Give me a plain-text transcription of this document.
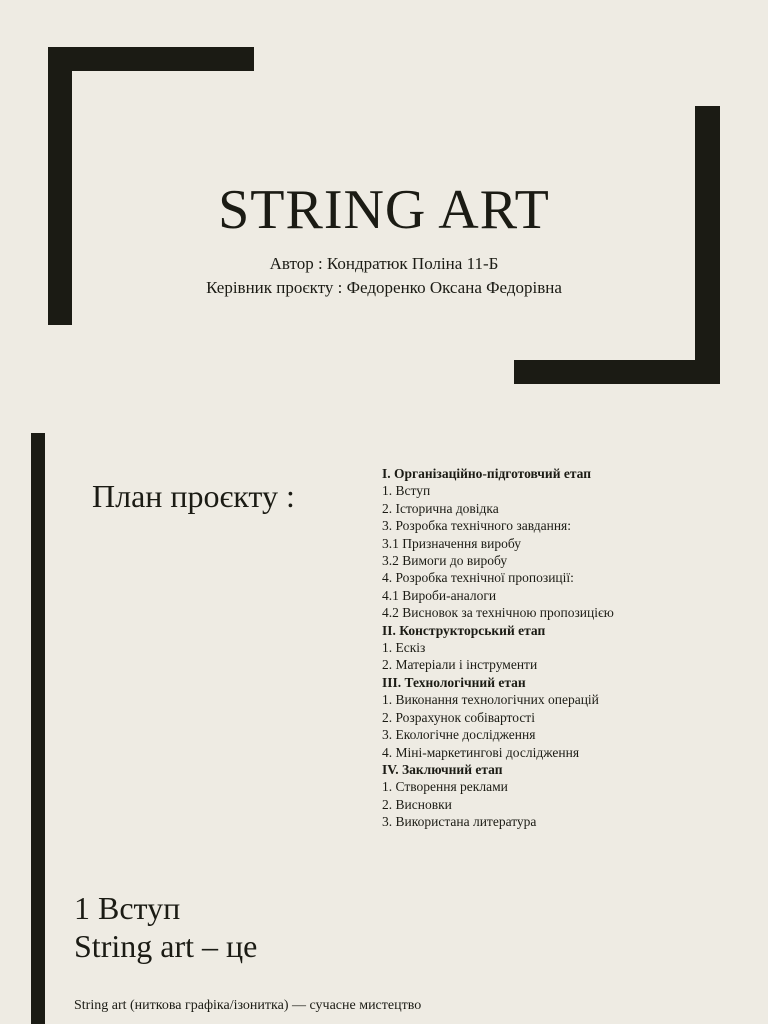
STRING ART
Автор : Кондратюк Поліна 11-Б
Керівник проєкту : Федоренко Оксана Федорівна
План проєкту :
I. Організаційно-підготовчий етап
1. Вступ
2. Історична довідка
3. Розробка технічного завдання:
3.1 Призначення виробу
3.2 Вимоги до виробу
4. Розробка технічної пропозиції:
4.1 Вироби-аналоги
4.2 Висновок за технічною пропозицією
II. Конструкторський етап
1. Ескіз
2. Матеріали і інструменти
III. Технологічний етан
1. Виконання технологічних операцій
2. Розрахунок собівартості
3. Екологічне дослідження
4. Міні-маркетингові дослідження
IV. Заключний етап
1. Створення реклами
2. Висновки
3. Використана литература
1 Вступ
String art – це
String art (ниткова графіка/ізонитка) — сучасне мистецтво
